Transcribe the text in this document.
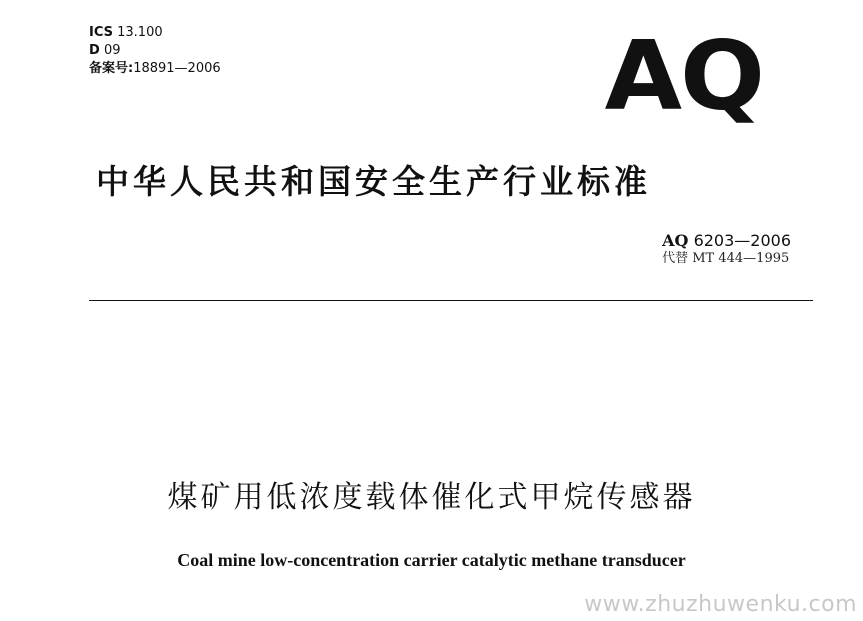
ICS 13.100
D 09
备案号:18891—2006	AQ
中华人民共和国安全生产行业标准
AQ 6203—2006
代替 MT 444—1995
煤矿用低浓度载体催化式甲烷传感器
Coal mine low-concentration carrier catalytic methane transducer
www.zhuzhuwenku.com
